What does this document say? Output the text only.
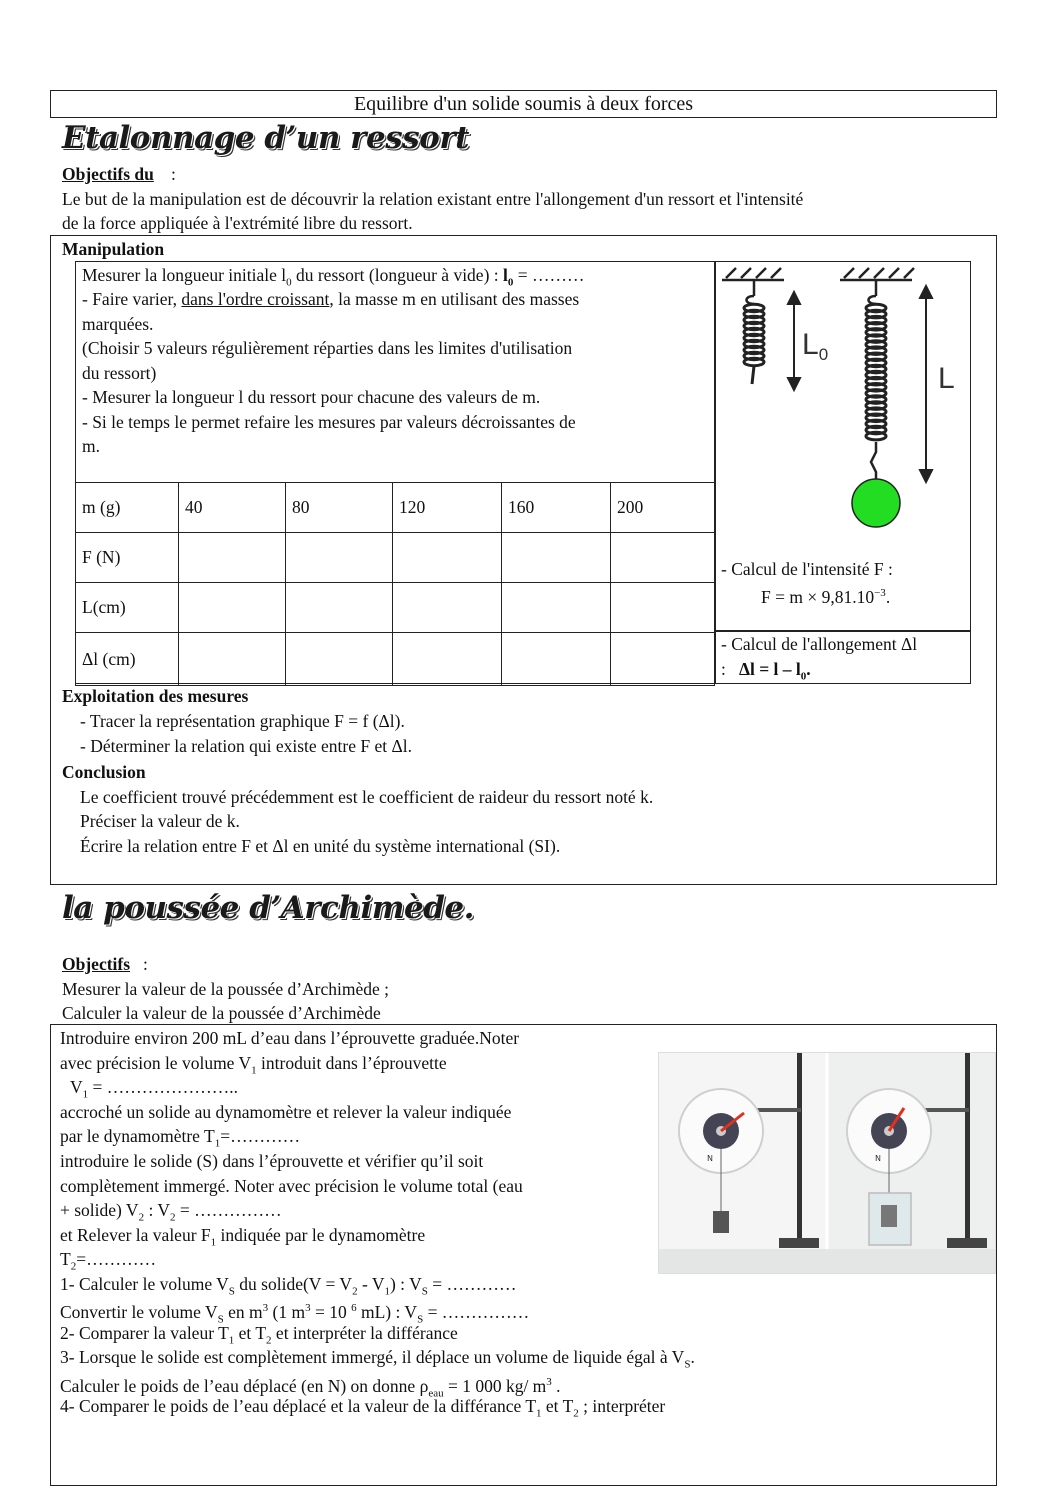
Equilibre d'un solide soumis à deux forces
Etalonnage d’un ressort
Objectifs du :
Le but de la manipulation est de découvrir la relation existant entre l'allongement d'un ressort et l'intensité
de la force appliquée à l'extrémité libre du ressort.
Manipulation
Mesurer la longueur initiale $l_0$ du ressort (longueur à vide) : $l_0$ = ………
- Faire varier, dans l'ordre croissant, la masse m en utilisant des masses
marquées.
(Choisir 5 valeurs régulièrement réparties dans les limites d'utilisation
du ressort)
- Mesurer la longueur l du ressort pour chacune des valeurs de m.
- Si le temps le permet refaire les mesures par valeurs décroissantes de
m.
m (g)	40	80	120	160	200
F (N)					
L(cm)					
Δl (cm)					
$L_0$
L
- Calcul de l'intensité F :
$F = m \times 9,81.10^{-3}$.
- Calcul de l'allongement Δl
: $\Delta l = l - l_0$.
Exploitation des mesures
- Tracer la représentation graphique F = f (Δl).
- Déterminer la relation qui existe entre F et Δl.
Conclusion
Le coefficient trouvé précédemment est le coefficient de raideur du ressort noté k.
Préciser la valeur de k.
Écrire la relation entre F et Δl en unité du système international (SI).
la poussée d’Archimède.
Objectifs :
Mesurer la valeur de la poussée d’Archimède ;
Calculer la valeur de la poussée d’Archimède
Introduire environ 200 mL d’eau dans l’éprouvette graduée.Noter
avec précision le volume $V_1$ introduit dans l’éprouvette
$V_1$ = …………………..
accroché un solide au dynamomètre et relever la valeur indiquée
par le dynamomètre $T_1=\dots\dots\dots\dots$
introduire le solide (S) dans l’éprouvette et vérifier qu’il soit
complètement immergé. Noter avec précision le volume total (eau
+ solide) $V_2$ : $V_2$ = ……………
et Relever la valeur $F_1$ indiquée par le dynamomètre
$T_2=\dots\dots\dots\dots$
1- Calculer le volume $V_S$ du solide(V = $V_2 - V_1$) : $V_S$ = …………
Convertir le volume $V_S$ en $m^3$ (1 $m^3 = 10$ $^6$ mL) : $V_S$ = ……………
2- Comparer la valeur $T_1$ et $T_2$ et interpréter la différance
3- Lorsque le solide est complètement immergé, il déplace un volume de liquide égal à $V_S$.
Calculer le poids de l’eau déplacé (en N) on donne $\rho_{eau} = 1$ 000 kg/ $m^3$ .
4- Comparer le poids de l’eau déplacé et la valeur de la différance $T_1$ et $T_2$ ; interpréter
N	N
